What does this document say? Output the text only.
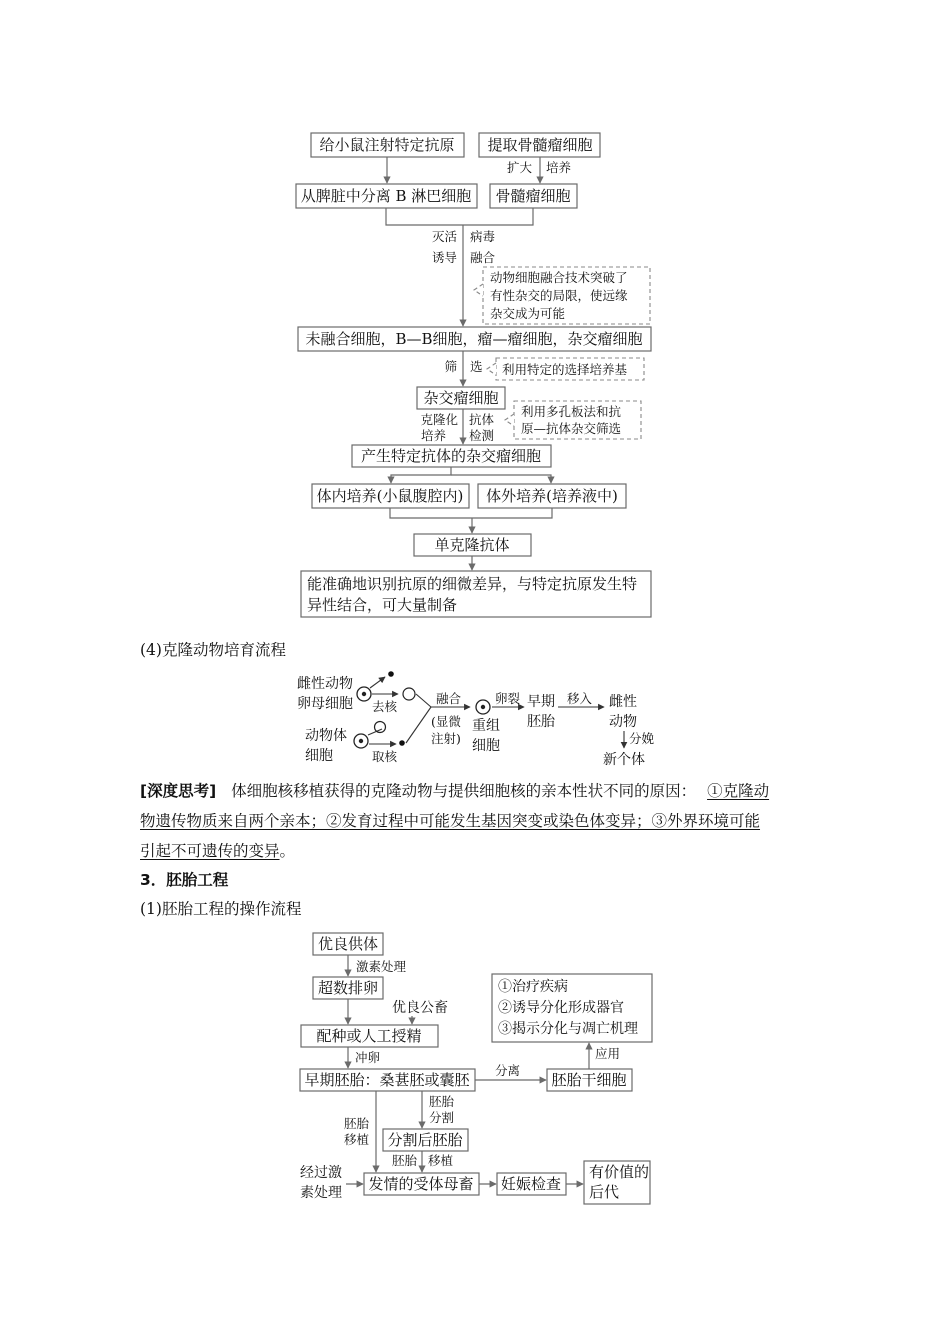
给小鼠注射特定抗原 提取骨髓瘤细胞
扩大 培养
从脾脏中分离 B 淋巴细胞 骨髓瘤细胞
灭活 病毒
诱导 融合
动物细胞融合技术突破了
有性杂交的局限，使远缘
杂交成为可能
未融合细胞，B—B细胞，瘤—瘤细胞，杂交瘤细胞
筛 选 利用特定的选择培养基
杂交瘤细胞
克隆化
培养
抗体
检测
利用多孔板法和抗
原—抗体杂交筛选
产生特定抗体的杂交瘤细胞
体内培养(小鼠腹腔内) 体外培养(培养液中)
单克隆抗体
能准确地识别抗原的细微差异，与特定抗原发生特
异性结合，可大量制备
(4)克隆动物培育流程
雌性动物
卵母细胞 去核
动物体
细胞	取核
融合
(显微
注射)
重组
细胞
卵裂 早期
胚胎
移入 雌性
动物
分娩
新个体
[深度思考] 体细胞核移植获得的克隆动物与提供细胞核的亲本性状不同的原因： ①克隆动
物遗传物质来自两个亲本；②发育过程中可能发生基因突变或染色体变异；③外界环境可能
引起不可遗传的变异。
3．胚胎工程
(1)胚胎工程的操作流程
优良供体
激素处理
超数排卵
优良公畜
配种或人工授精
冲卵
早期胚胎：桑葚胚或囊胚
分离
胚胎干细胞
应用
①治疗疾病
②诱导分化形成器官
③揭示分化与凋亡机理
胚胎
分割
胚胎
移植 分割后胚胎
胚胎 移植
经过激
素处理 发情的受体母畜 妊娠检查
有价值的
后代
